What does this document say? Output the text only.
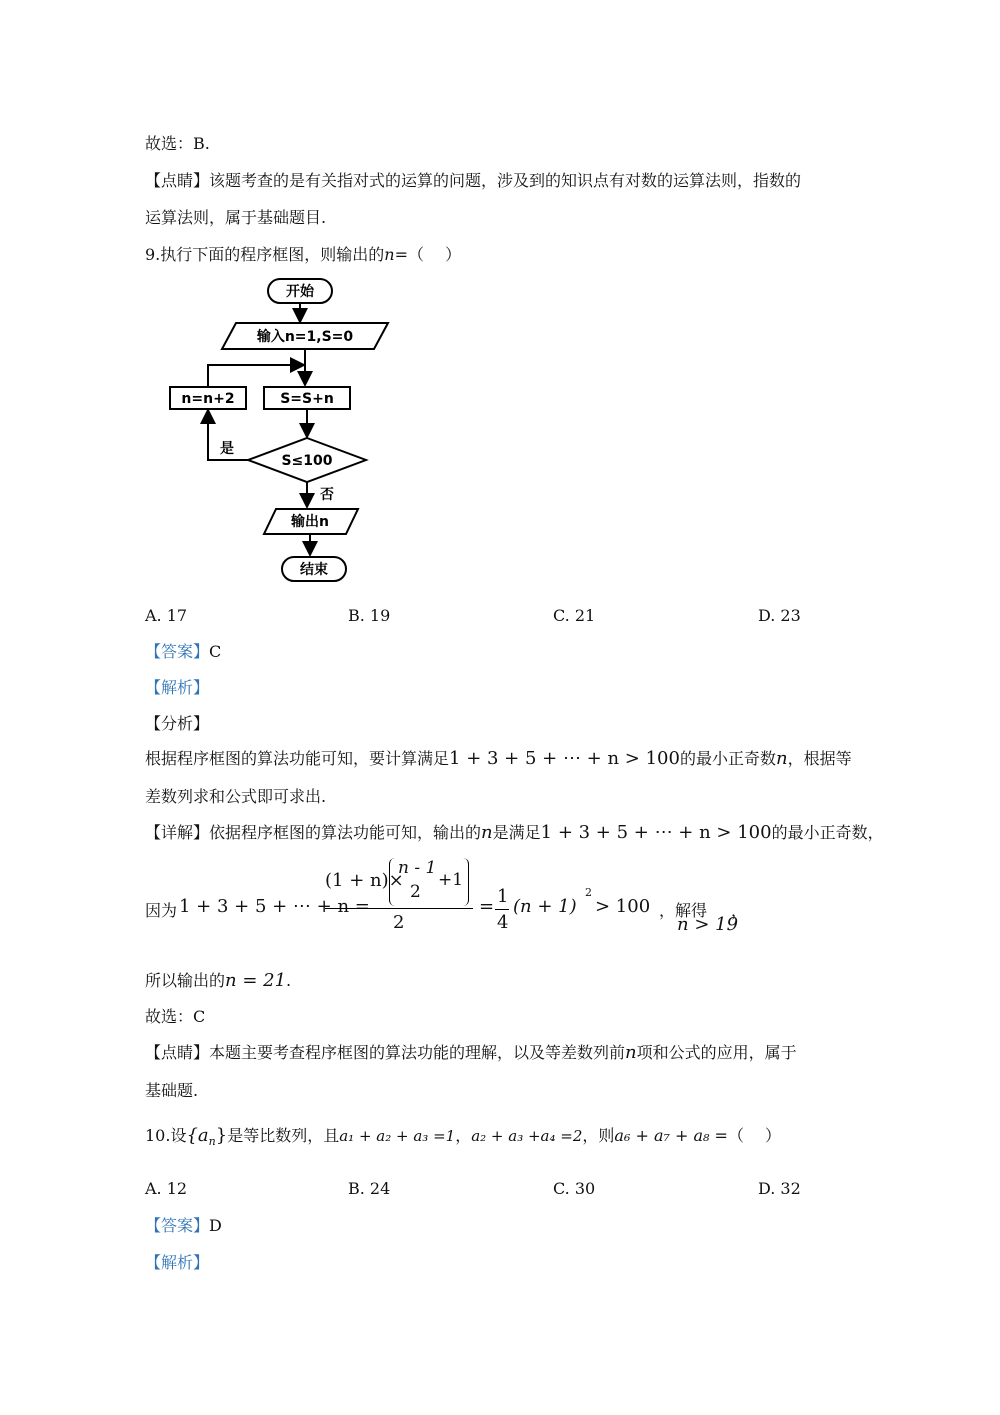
故选：B.
【点睛】该题考查的是有关指对式的运算的问题，涉及到的知识点有对数的运算法则，指数的
运算法则，属于基础题目.
9.执行下面的程序框图，则输出的n=（　 ）
开始
输入n=1,S=0
S=S+n
n=n+2
S≤100
是
否
输出n
结束
A. 17	B. 19	C. 21	D. 23
【答案】C
【解析】
【分析】
根据程序框图的算法功能可知，要计算满足1 + 3 + 5 + ⋯ + n > 100的最小正奇数n，根据等
差数列求和公式即可求出.
【详解】依据程序框图的算法功能可知，输出的n是满足1 + 3 + 5 + ⋯ + n > 100的最小正奇数，
因为 1 + 3 + 5 + ⋯ + n =
(1 + n)×
n - 1
2
+1
2
= 1
4
(n + 1)
2
> 100 ，解得
n > 19
，
所以输出的n = 21.
故选：C
【点睛】本题主要考查程序框图的算法功能的理解，以及等差数列前n项和公式的应用，属于
基础题.
10.设$\{a_n\}$是等比数列，且a₁ + a₂ + a₃ =1，a₂ + a₃ +a₄ =2，则a₆ + a₇ + a₈ =（　 ）
A. 12	B. 24	C. 30	D. 32
【答案】D
【解析】
